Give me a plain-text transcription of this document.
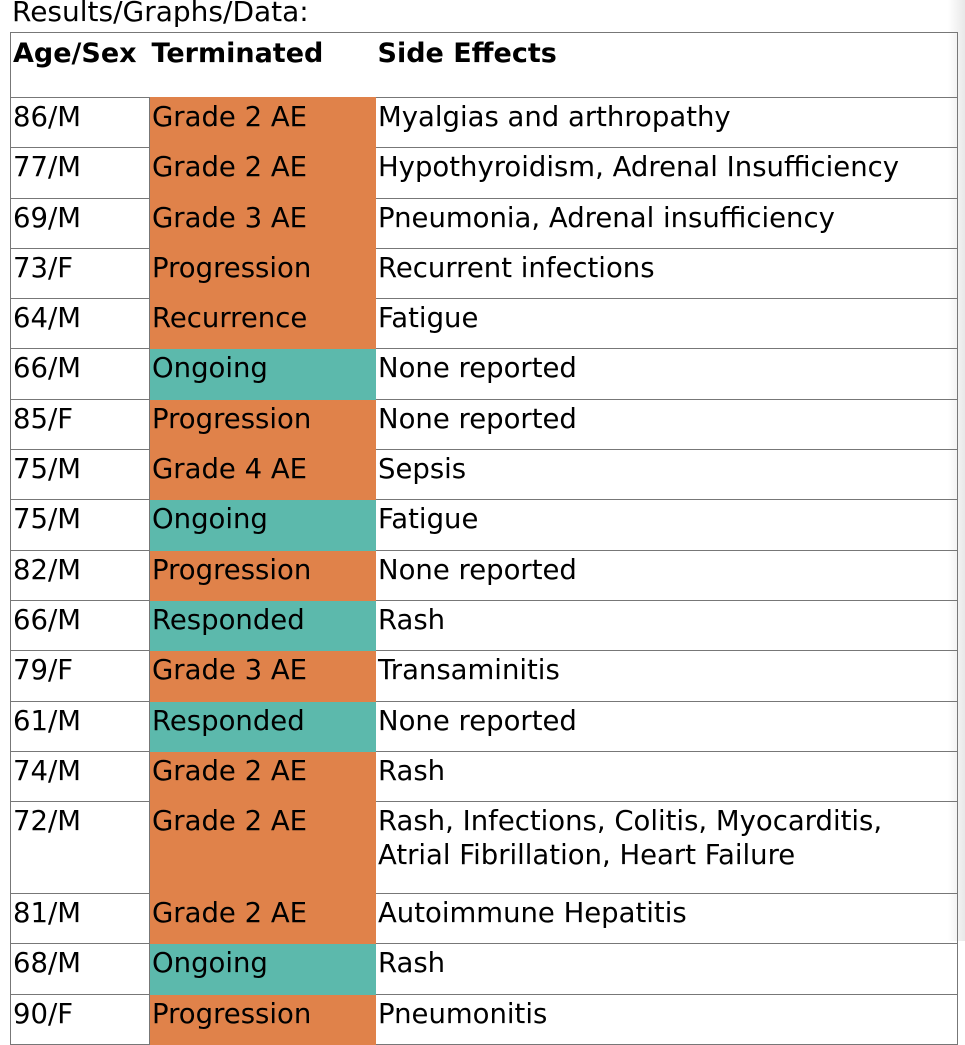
Results/Graphs/Data:
Age/Sex	Terminated	Side Effects
86/M	Grade 2 AE	Myalgias and arthropathy
77/M	Grade 2 AE	Hypothyroidism, Adrenal Insufficiency
69/M	Grade 3 AE	Pneumonia, Adrenal insufficiency
73/F	Progression	Recurrent infections
64/M	Recurrence	Fatigue
66/M	Ongoing	None reported
85/F	Progression	None reported
75/M	Grade 4 AE	Sepsis
75/M	Ongoing	Fatigue
82/M	Progression	None reported
66/M	Responded	Rash
79/F	Grade 3 AE	Transaminitis
61/M	Responded	None reported
74/M	Grade 2 AE	Rash
72/M	Grade 2 AE	Rash, Infections, Colitis, Myocarditis, Atrial Fibrillation, Heart Failure
81/M	Grade 2 AE	Autoimmune Hepatitis
68/M	Ongoing	Rash
90/F	Progression	Pneumonitis
